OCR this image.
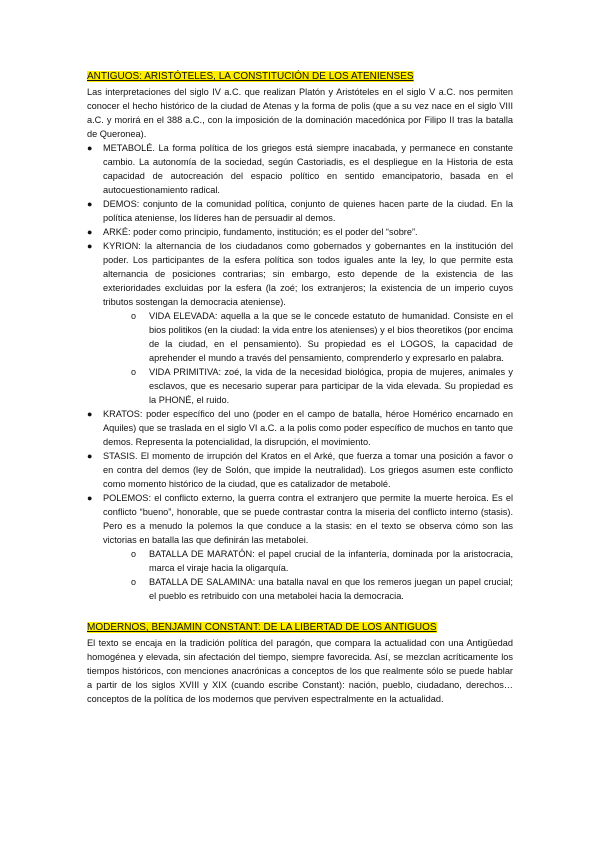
ANTIGUOS: ARISTÓTELES, LA CONSTITUCIÓN DE LOS ATENIENSES

Las interpretaciones del siglo IV a.C. que realizan Platón y Aristóteles en el siglo V a.C. nos permiten conocer el hecho histórico de la ciudad de Atenas y la forma de polis (que a su vez nace en el siglo VIII a.C. y morirá en el 388 a.C., con la imposición de la dominación macedónica por Filipo II tras la batalla de Queronea).

● METABOLÉ. La forma política de los griegos está siempre inacabada, y permanece en constante cambio. La autonomía de la sociedad, según Castoriadis, es el despliegue en la Historia de esta capacidad de autocreación del espacio político en sentido emancipatorio, basada en el autocuestionamiento radical.
● DEMOS: conjunto de la comunidad política, conjunto de quienes hacen parte de la ciudad. En la política ateniense, los líderes han de persuadir al demos.
● ARKÉ: poder como principio, fundamento, institución; es el poder del “sobre”.
● KYRION: la alternancia de los ciudadanos como gobernados y gobernantes en la institución del poder. Los participantes de la esfera política son todos iguales ante la ley, lo que permite esta alternancia de posiciones contrarias; sin embargo, esto depende de la existencia de las exterioridades excluidas por la esfera (la zoé; los extranjeros; la existencia de un imperio cuyos tributos sostengan la democracia ateniense).
o VIDA ELEVADA: aquella a la que se le concede estatuto de humanidad. Consiste en el bios politikos (en la ciudad: la vida entre los atenienses) y el bios theoretikos (por encima de la ciudad, en el pensamiento). Su propiedad es el LOGOS, la capacidad de aprehender el mundo a través del pensamiento, comprenderlo y expresarlo en palabra.
o VIDA PRIMITIVA: zoé, la vida de la necesidad biológica, propia de mujeres, animales y esclavos, que es necesario superar para participar de la vida elevada. Su propiedad es la PHONÉ, el ruido.
● KRATOS: poder específico del uno (poder en el campo de batalla, héroe Homérico encarnado en Aquiles) que se traslada en el siglo VI a.C. a la polis como poder específico de muchos en tanto que demos. Representa la potencialidad, la disrupción, el movimiento.
● STASIS. El momento de irrupción del Kratos en el Arké, que fuerza a tomar una posición a favor o en contra del demos (ley de Solón, que impide la neutralidad). Los griegos asumen este conflicto como momento histórico de la ciudad, que es catalizador de metabolé.
● POLEMOS: el conflicto externo, la guerra contra el extranjero que permite la muerte heroica. Es el conflicto “bueno”, honorable, que se puede contrastar contra la miseria del conflicto interno (stasis). Pero es a menudo la polemos la que conduce a la stasis: en el texto se observa cómo son las victorias en batalla las que definirán las metabolei.
o BATALLA DE MARATÓN: el papel crucial de la infantería, dominada por la aristocracia, marca el viraje hacia la oligarquía.
o BATALLA DE SALAMINA: una batalla naval en que los remeros juegan un papel crucial; el pueblo es retribuido con una metabolei hacia la democracia.
MODERNOS, BENJAMIN CONSTANT: DE LA LIBERTAD DE LOS ANTIGUOS

El texto se encaja en la tradición política del paragón, que compara la actualidad con una Antigüedad homogénea y elevada, sin afectación del tiempo, siempre favorecida. Así, se mezclan acríticamente los tiempos históricos, con menciones anacrónicas a conceptos de los que realmente sólo se puede hablar a partir de los siglos XVIII y XIX (cuando escribe Constant): nación, pueblo, ciudadano, derechos… conceptos de la política de los modernos que perviven espectralmente en la actualidad.
